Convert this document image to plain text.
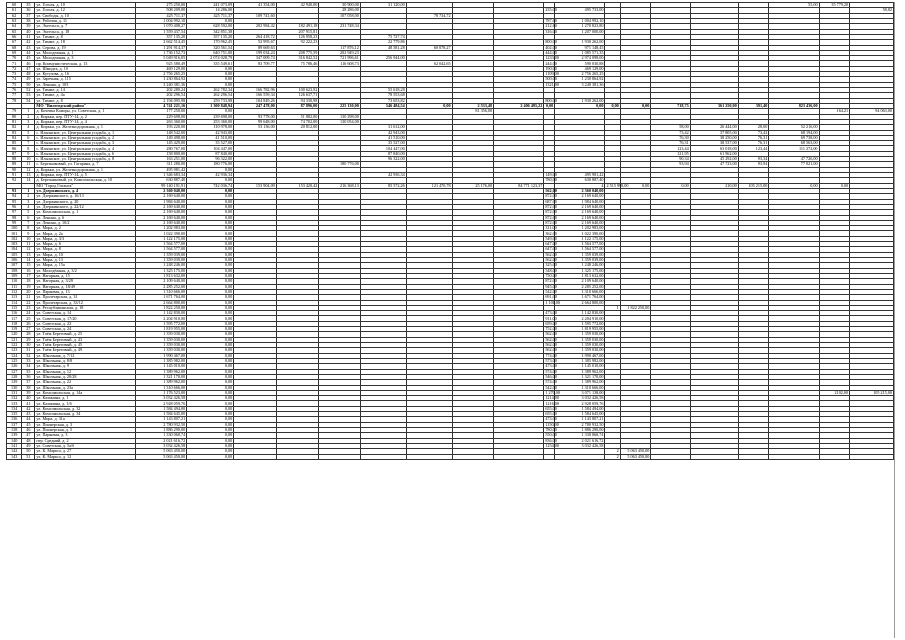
60	35	ул. Гоголя, д. 10	275 250,00	241 073,09	41 354,00	42 940,00	30 900,00	31 120,00											55,00	35 779,20	
61	36	ул. Гоголя, д. 12	508 209,00	14 286,00			28 286,00					235,00	495 733,00								58,82
62	37	ул. Свободы, д. 10	425 711,37	425 711,37	109 741,60		107 058,00		78 734,72												
63	38	ул. Рабочая, д. 11	1 004 992,10	0,00								787,60	1 004 992,10								
64	39	ул. Энгельса, д. 7	1 070 408,27	628 592,00	202 984,42	182 491,18	231 748,34					212,60	1 270 823,80								
65	40	ул. Энгельса, д. 18	1 559 437,54	342 851,38		207 915,81						316,00	1 207 000,00								
66	41	ул. Тимме, д. 8	357 135,20	357 135,20	264 418,72	126 958,23		75 727,74													
67	42	ул. Тимме, д. 18	2 662 514,45	170 962,45	52 995,67	92 222,23		22 779,86				800,00	1 930 262,00								
68	43	ул. Серова, д. 19	1 291 914,37	320 561,54	89 669,63		117 876,12	48 581,28	60 078,27			402,00	971 148,45								
69	44	ул. Молодежная, д. 1	1 736 152,73	640 751,00	199 034,24	208 775,59	202 949,23					444,00	1 085 571,35								
70	45	ул. Молодежная, д. 3	5 049 916,05	2 074 028,79	347 009,74	316 842,52	721 996,61	256 944,00				1233,00	2 974 098,00								
71	46	пр. Коммунистическая, д. 13	925 580,49	335 549,61	83 709,77	75 786,46	116 608,73		62 042,65			244,00	590 030,88								
72	47	ул. Шмидта, д. 1б	469 129,00	0,00								190,00	469 129,00								
73	48	ул. Кутузова, д. 16	2 756 265,25	0,00								1109,00	2 756 265,25								
74	49	ул. Заречная, д. 115	1 230 864,92	0,00								500,00	1 230 864,92								
75	50	ул. Ленина, д. 103	3 240 381,36	0,00								1321,00	3 240 381,36								
76	52	ул. Тимме, д. 14	202 280,24	262 782,34	166 782,96	100 623,92		55 618,28													
77	53	ул. Тимме, д. 4а	202 296,54	262 296,54	166 559,34	126 637,71		78 553,68													
78	54	ул. Тимме, д. 8	2 194 095,98	259 733,98	104 849,26	94 330,98		73 653,82				800,00	1 930 262,00								
		МО "Вилегодский район"	4 741 221,16	1 300 848,94	247 478,00	87 896,00	225 130,00	546 484,54	0,00	2 533,48	2 406 495,22	0,00	0,00	0,00	0,00	718,75	361 250,00	391,40	823 436,00		
79	1	д. Кочевка Коморн, ул. Советская, д. 1	177 250,00	0,00						81 356,00										164,21	94 063,00
80	2	д. Кирьки, пер. ПТУ-14, д. 2	229 698,00	239 698,00	93 778,00	51 882,00	130 298,00														
81	3	д. Кирьки, пер. ПТУ-14, д. 4	263 360,00	253 360,00	99 648,00	74 702,00	130 054,00														
82	4	д. Кирьки, ул. Железнодорожная, д. 1	193 220,00	110 978,00	53 136,00	20 812,00		31 612,00								58,00	26 444,00	28,00	52 216,00		
83	5	с. Ильинское, ул. Центральная усадьба, д. 1	148 542,00	42 943,00				42 943,00								73,42	37 805,00	73,42	68 194,00		
84	6	с. Ильинское, ул. Центральная усадьба, д. 2	149 498,00	41 510,00				41 510,00								76,30	38 250,00	76,31	69 738,00		
85	7	с. Ильинское, ул. Центральная усадьба, д. 3	145 429,00	35 527,00				35 527,00								76,31	38 537,00	76,31	68 563,00		
86	8	с. Ильинское, ул. Центральная усадьба, д. 4	280 767,00	104 447,00				104 447,00								123,44	63 018,00	123,44	111 272,00		
87	9	с. Ильинское, ул. Центральная усадьба, д. 6	158 800,00	87 840,00				87 840,00								121,95	61 962,00				
88	10	с. Ильинское, ул. Центральная усадьба, д. 8	163 251,00	96 322,00				96 322,00								90,34	45 292,00	93,34	47 726,00		
89	11	с. Березниковый, ул. Гагарина, д. 7	311 280,00	180 776,00			180 776,00									93,94	47 723,00	93,94	77 021,00		
90	12	д. Кирьки, ул. Железнодорожная, д. 1	495 981,42	0,00																	
91	13	д. Кирьки, пер. ПТУ-14, д. 5	1 346 683,34	42 936,34				42 936,34				149,00	495 981,42								
92	14	д. Березниковый, ул. Комсомольская, д. 10	630 887,40	0,00								780,00	630 887,40								
		МО "Город Гиганск"	99 140 191,91	742 036,74	153 904,09	153 420,42	216 368,13	85 572,26	121 470,78	25 176,00	84 771 123,37		4	2 515 998,00	0,00	0,00	210,00	105 215,00	0,00	0,00	
93	1	ул. Дзержинского, д. 4	2 360 040,00	0,00								562,00	2 360 040,00								
94	2	ул. Дзержинского, д. 16/13	2 169 640,00	0,00								872,00	2 169 640,00								
95	3	ул. Дзержинского, д. 20	1 984 640,00	0,00								687,00	1 984 640,00								
96	4	ул. Дзержинского, д. 22/12	2 169 640,00	0,00								872,00	2 169 640,00								
97	5	ул. Комсомольская, д. 1	2 169 640,00	0,00								872,00	2 169 640,00								
98	6	ул. Ленина, д. 6	2 169 640,00	0,00								872,00	2 169 640,00								
99	7	ул. Ленина, д. 10/2	2 169 640,00	0,00								872,00	2 169 640,00								
100	8	ул. Мира, д. 2	1 202 983,00	0,00								311,00	1 202 983,00								
101	9	ул. Мира, д. 2а	1 022 390,00	0,00								362,00	1 022 390,00								
102	10	ул. Мира, д. 3/3	1 122 175,00	0,00								549,00	1 122 175,00								
103	11	ул. Мира, д. 6	1 564 577,00	0,00								647,00	1 564 577,00								
104	12	ул. Мира, д. 8	1 564 577,00	0,00								647,00	1 564 577,00								
105	13	ул. Мира, д. 10	1 359 039,00	0,00								562,00	1 359 039,00								
106	14	ул. Мира, д. 13	1 359 039,00	0,00								562,00	1 359 039,00								
107	15	ул. Мира, д. 15а	1 248 246,00	0,00								325,00	1 248 246,00								
108	16	ул. Молодёжная, д. 3/2	1 325 175,00	0,00								548,00	1 325 175,00								
109	17	ул. Нагорная, д. 15	1 813 632,00	0,00								750,00	1 813 632,00								
110	18	ул. Нагорная, д. 3/29	2 109 640,00	0,00								872,00	2 109 640,00								
111	19	ул. Нагорная, д. 18/49	2 285 252,00	0,00								945,00	2 285 252,00								
112	20	ул. Парковая, д. 13	1 310 666,00	0,00								542,00	1 310 666,00								
113	21	ул. Пролетарская, д. 31	1 671 764,00	0,00								691,00	1 671 764,00								
114	22	ул. Пролетарская, д. 33/12	2 664 800,00	0,00								1 101,00	2 664 800,00								
115	23	ул. Республиканская, д. 18	1 822 250,00	0,00										1	1 822 250,00						
116	24	ул. Советская, д. 14	1 142 830,00	0,00								473,00	1 142 830,00								
117	25	ул. Советская, д. 17/20	2 204 910,00	0,00								911,00	2 204 910,00								
118	26	ул. Советская, д. 22	1 595 772,00	0,00								659,00	1 595 772,00								
119	27	ул. Советская, д. 24	1 819 955,00	0,00								752,00	1 819 955,00								
120	28	ул. Таёж Береговый, д. 25	1 359 030,00	0,00								562,00	1 359 030,00								
121	29	ул. Таёж Береговый, д. 43	1 359 030,00	0,00								562,00	1 359 030,00								
122	30	ул. Таёж Береговый, д. 45	1 359 030,00	0,00								562,00	1 359 030,00								
123	31	ул. Таёж Береговый, д. 49	1 359 030,00	0,00								562,00	1 359 030,00								
124	32	ул. Школьная, д. 7/12	1 990 467,00	0,00								774,00	1 990 467,00								
125	33	ул. Школьная, д. 8/8	1 385 982,00	0,00								573,00	1 385 982,00								
126	34	ул. Школьная, д. 9	1 145 010,00	0,00								473,00	1 145 010,00								
127	35	ул. Школьная, д. 12	1 389 962,00	0,00								574,00	1 389 962,00								
128	36	ул. Школьная, д. 20/28	1 321 170,00	0,00								546,00	1 321 170,00								
129	37	ул. Школьная, д. 22	1 389 962,00	0,00								574,00	1 389 962,00								
130	38	ул. Школьная, д. 23а	1 310 666,00	0,00								542,00	1 310 666,00								
131	39	ул. Комсомольская, д. 14а	1 176 523,00	0,00								1 270,00	3 071 138,00							2102,00	105 215,00
132	40	ул. Калинина, д. 1	3 032 426,58	0,00								1214,00	3 032 426,58								
133	41	ул. Калинина, д. 1/6	2 928 059,76	0,00								1216,00	2 928 059,76								
134	42	ул. Комсомольская, д. 32	1 584 494,00	0,00								655,00	1 584 494,00								
135	43	ул. Комсомольская, д. 34	1 584 645,00	0,00								655,00	1 584 645,00								
136	44	ул. Мира, д. 31а	1 143 807,21	0,00								473,00	1 143 807,21								
137	45	ул. Пионерская, д. 3	2 780 932,50	0,00								1150,00	2 780 932,50								
138	46	ул. Пионерская, д. 5	1 886 290,00	0,00								780,00	1 886 290,00								
139	47	ул. Парковая, д. 3	1 330 060,74	0,00								550,00	1 330 060,74								
140	48	пер. Средний, д. 2	2 021 616,72	0,00								836,00	2 021 616,72								
141	49	ул. Советская, д. 5а/б	3 032 426,58	0,00								1254,00	3 032 426,58								
142	50	ул. К. Маркса, д. 27	5 063 450,00	0,00										2	5 063 450,00						
143	51	ул. К. Маркса, д. 12	5 063 450,00	0,00										2	5 063 450,00						
